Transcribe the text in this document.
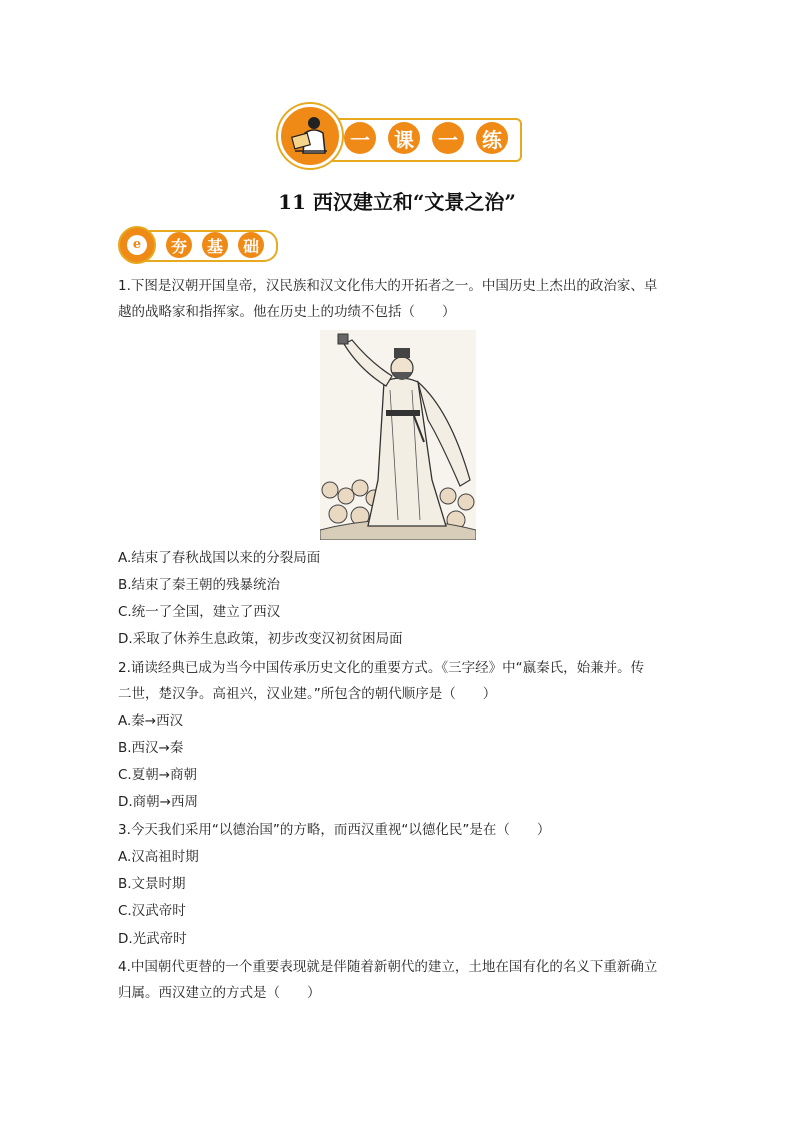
一	课	一	练
11 西汉建立和“文景之治”
e	夯	基	础
1.下图是汉朝开国皇帝，汉民族和汉文化伟大的开拓者之一。中国历史上杰出的政治家、卓
越的战略家和指挥家。他在历史上的功绩不包括（　　）
A.结束了春秋战国以来的分裂局面
B.结束了秦王朝的残暴统治
C.统一了全国，建立了西汉
D.采取了休养生息政策，初步改变汉初贫困局面
2.诵读经典已成为当今中国传承历史文化的重要方式。《三字经》中“嬴秦氏，始兼并。传
二世，楚汉争。高祖兴，汉业建。”所包含的朝代顺序是（　　）
A.秦→西汉
B.西汉→秦
C.夏朝→商朝
D.商朝→西周
3.今天我们采用“以德治国”的方略，而西汉重视“以德化民”是在（　　）
A.汉高祖时期
B.文景时期
C.汉武帝时
D.光武帝时
4.中国朝代更替的一个重要表现就是伴随着新朝代的建立，土地在国有化的名义下重新确立
归属。西汉建立的方式是（　　）
